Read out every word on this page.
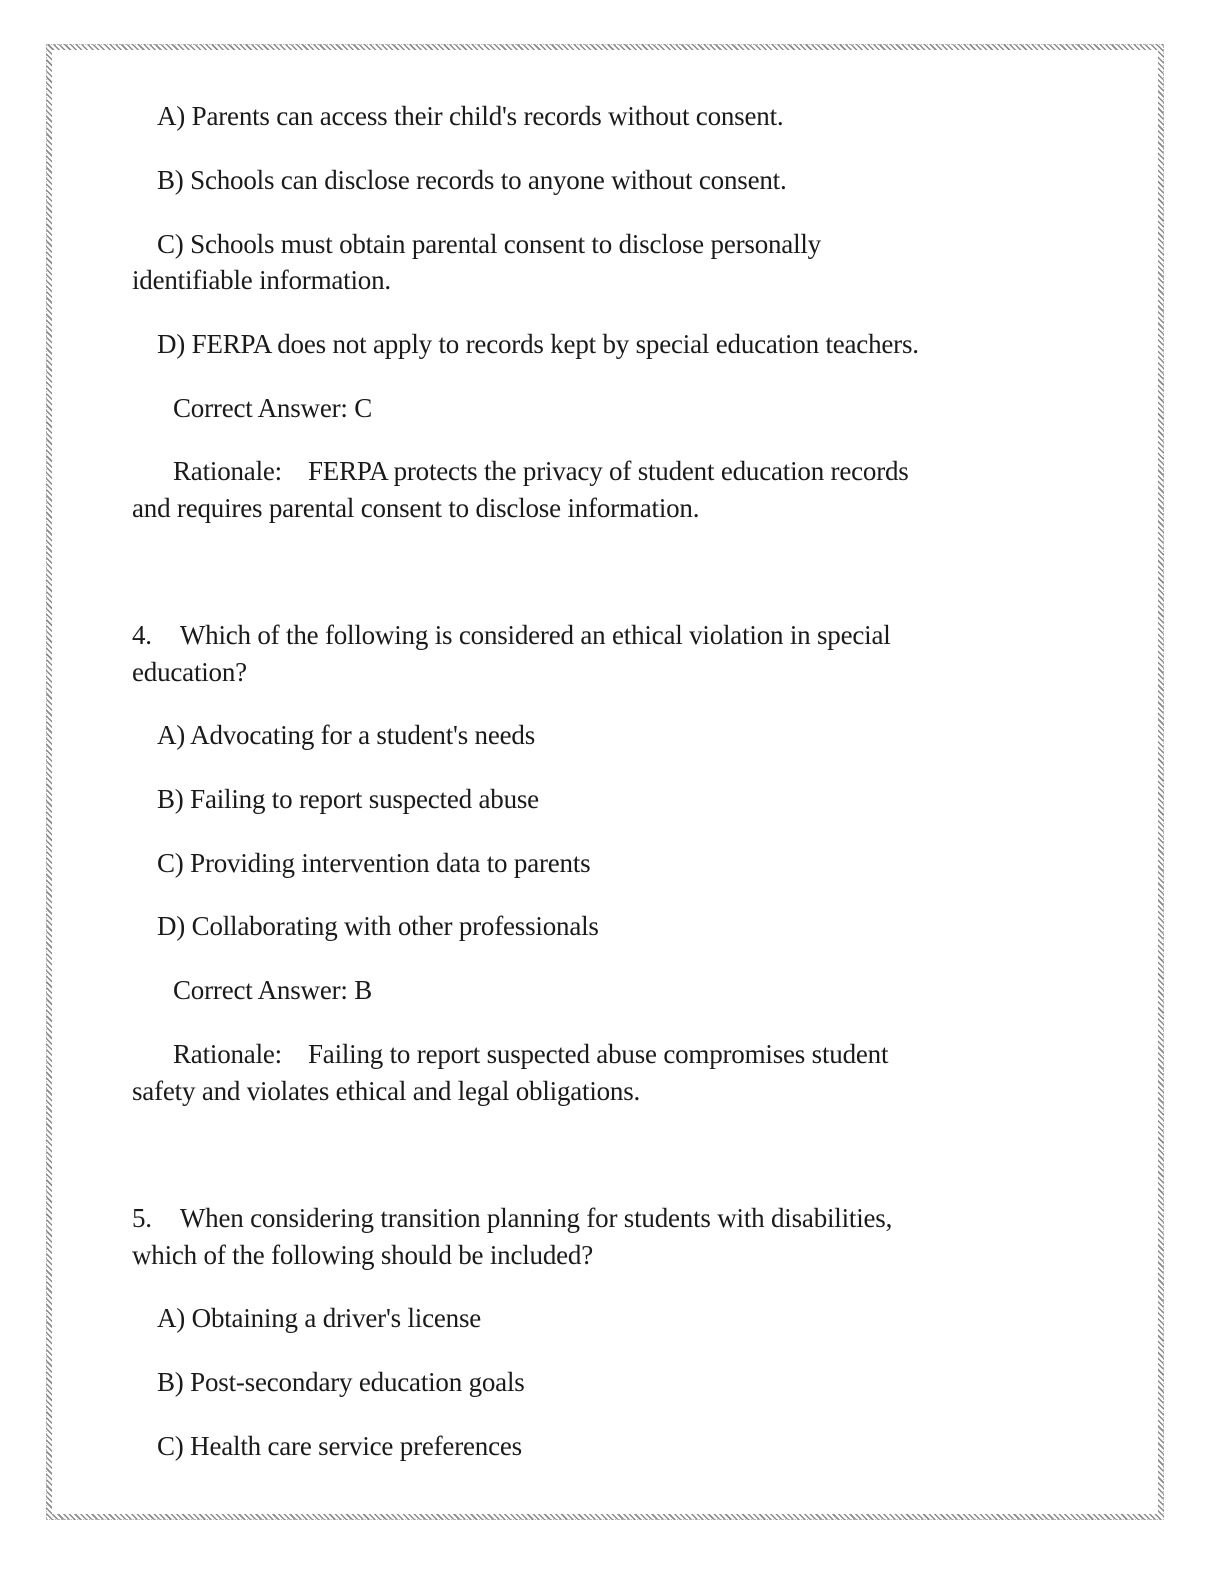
A) Parents can access their child's records without consent.
B) Schools can disclose records to anyone without consent.
C) Schools must obtain parental consent to disclose personally
identifiable information.
D) FERPA does not apply to records kept by special education teachers.
Correct Answer: C
Rationale: FERPA protects the privacy of student education records
and requires parental consent to disclose information.
4. Which of the following is considered an ethical violation in special
education?
A) Advocating for a student's needs
B) Failing to report suspected abuse
C) Providing intervention data to parents
D) Collaborating with other professionals
Correct Answer: B
Rationale: Failing to report suspected abuse compromises student
safety and violates ethical and legal obligations.
5. When considering transition planning for students with disabilities,
which of the following should be included?
A) Obtaining a driver's license
B) Post-secondary education goals
C) Health care service preferences
